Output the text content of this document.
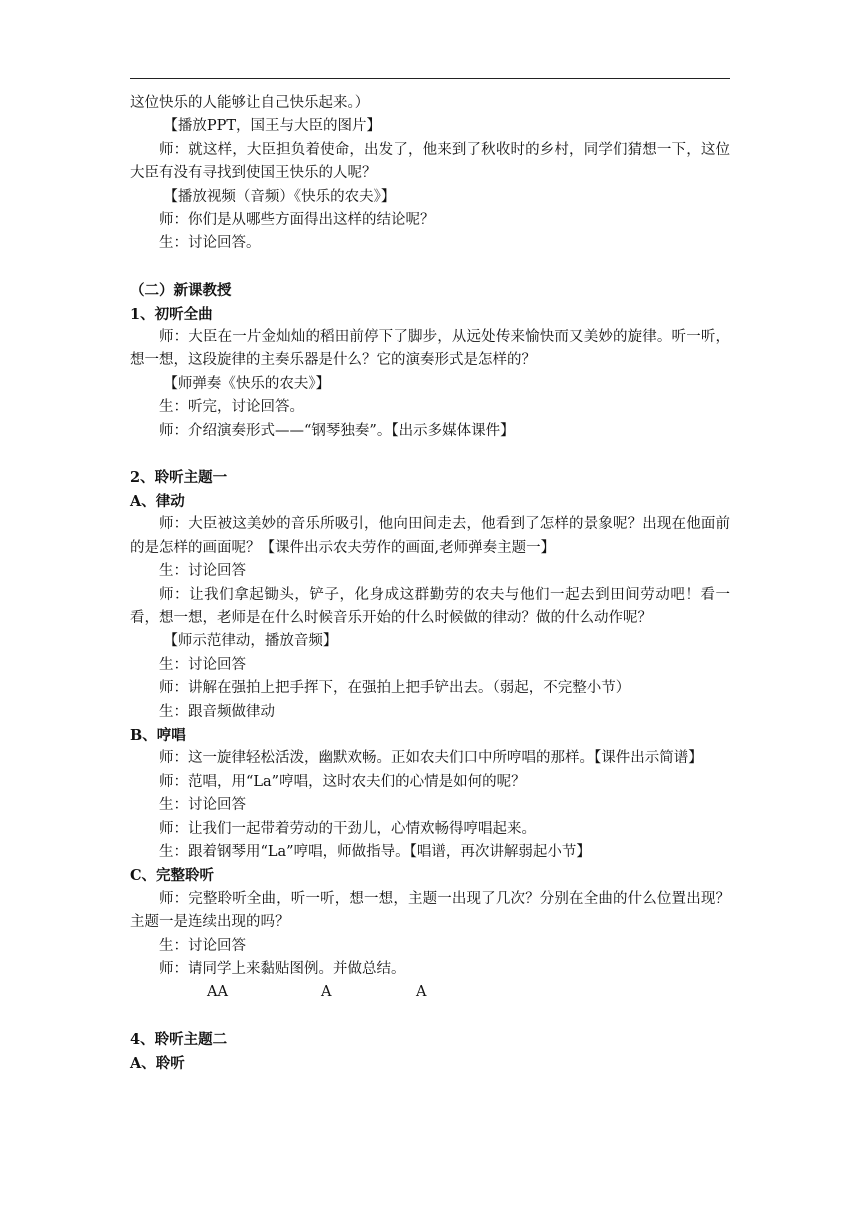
这位快乐的人能够让自己快乐起来。）

【播放PPT，国王与大臣的图片】

师：就这样，大臣担负着使命，出发了，他来到了秋收时的乡村，同学们猜想一下，这位大臣有没有寻找到使国王快乐的人呢？

【播放视频（音频）《快乐的农夫》】

师：你们是从哪些方面得出这样的结论呢？

生：讨论回答。

（二）新课教授

1、初听全曲

师：大臣在一片金灿灿的稻田前停下了脚步，从远处传来愉快而又美妙的旋律。听一听，想一想，这段旋律的主奏乐器是什么？它的演奏形式是怎样的？

【师弹奏《快乐的农夫》】

生：听完，讨论回答。

师：介绍演奏形式——“钢琴独奏”。【出示多媒体课件】

2、聆听主题一

A、律动

师：大臣被这美妙的音乐所吸引，他向田间走去，他看到了怎样的景象呢？出现在他面前的是怎样的画面呢？【课件出示农夫劳作的画面,老师弹奏主题一】

生：讨论回答

师：让我们拿起锄头，铲子，化身成这群勤劳的农夫与他们一起去到田间劳动吧！看一看，想一想，老师是在什么时候音乐开始的什么时候做的律动？做的什么动作呢？

【师示范律动，播放音频】

生：讨论回答

师：讲解在强拍上把手挥下，在强拍上把手铲出去。（弱起，不完整小节）

生：跟音频做律动

B、哼唱

师：这一旋律轻松活泼，幽默欢畅。正如农夫们口中所哼唱的那样。【课件出示简谱】

师：范唱，用“La”哼唱，这时农夫们的心情是如何的呢？

生：讨论回答

师：让我们一起带着劳动的干劲儿，心情欢畅得哼唱起来。

生：跟着钢琴用“La”哼唱，师做指导。【唱谱，再次讲解弱起小节】

C、完整聆听

师：完整聆听全曲，听一听，想一想，主题一出现了几次？分别在全曲的什么位置出现？主题一是连续出现的吗？

生：讨论回答

师：请同学上来黏贴图例。并做总结。

AA	A	A

4、聆听主题二

A、聆听
